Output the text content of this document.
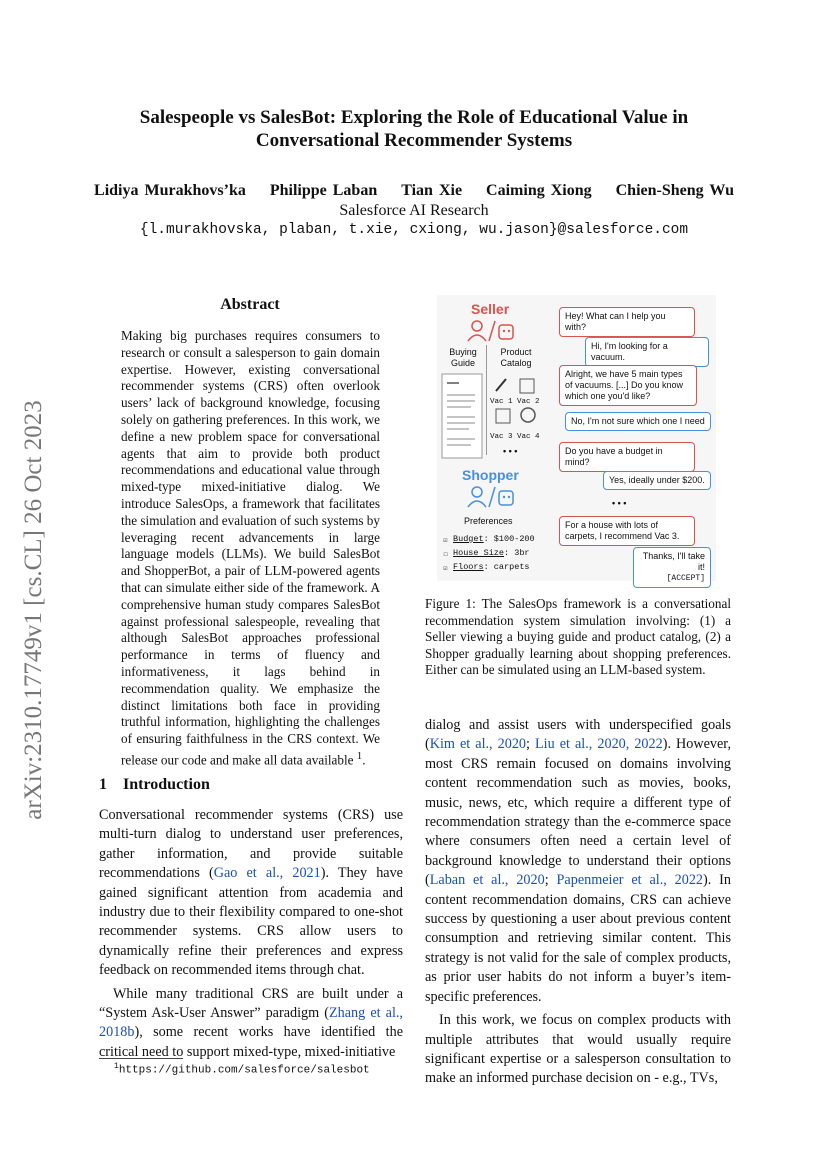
Salespeople vs SalesBot: Exploring the Role of Educational Value in
Conversational Recommender Systems
Lidiya Murakhovs’ka Philippe Laban Tian Xie Caiming Xiong Chien-Sheng Wu
Salesforce AI Research
{l.murakhovska, plaban, t.xie, cxiong, wu.jason}@salesforce.com
arXiv:2310.17749v1 [cs.CL] 26 Oct 2023
Abstract
Making big purchases requires consumers to research or consult a salesperson to gain domain expertise. However, existing conversational recommender systems (CRS) often overlook users’ lack of background knowledge, focusing solely on gathering preferences. In this work, we define a new problem space for conversational agents that aim to provide both product recommendations and educational value through mixed-type mixed-initiative dialog. We introduce SalesOps, a framework that facilitates the simulation and evaluation of such systems by leveraging recent advancements in large language models (LLMs). We build SalesBot and ShopperBot, a pair of LLM-powered agents that can simulate either side of the framework. A comprehensive human study compares SalesBot against professional salespeople, revealing that although SalesBot approaches professional performance in terms of fluency and informativeness, it lags behind in recommendation quality. We emphasize the distinct limitations both face in providing truthful information, highlighting the challenges of ensuring faithfulness in the CRS context. We release our code and make all data available $^1$.
1 Introduction

Conversational recommender systems (CRS) use multi-turn dialog to understand user preferences, gather information, and provide suitable recommendations (Gao et al., 2021). They have gained significant attention from academia and industry due to their flexibility compared to one-shot recommender systems. CRS allow users to dynamically refine their preferences and express feedback on recommended items through chat.

While many traditional CRS are built under a “System Ask-User Answer” paradigm (Zhang et al., 2018b), some recent works have identified the critical need to support mixed-type, mixed-initiative

$^1$https://github.com/salesforce/salesbot
Seller
Buying Guide
Product Catalog
Vac 1 Vac 2
Vac 3 Vac 4
• • •
Shopper
Preferences
☑ Budget: $100-200
☐ House Size: 3br
☑ Floors: carpets
Hey! What can I help you with?
Hi, I'm looking for a vacuum.
Alright, we have 5 main types of vacuums. [...] Do you know which one you'd like?
No, I'm not sure which one I need
Do you have a budget in mind?
Yes, ideally under $200.
• • •
For a house with lots of carpets, I recommend Vac 3.
Thanks, I'll take it!
[ACCEPT]
Figure 1: The SalesOps framework is a conversational recommendation system simulation involving: (1) a Seller viewing a buying guide and product catalog, (2) a Shopper gradually learning about shopping preferences. Either can be simulated using an LLM-based system.

dialog and assist users with underspecified goals (Kim et al., 2020; Liu et al., 2020, 2022). However, most CRS remain focused on domains involving content recommendation such as movies, books, music, news, etc, which require a different type of recommendation strategy than the e-commerce space where consumers often need a certain level of background knowledge to understand their options (Laban et al., 2020; Papenmeier et al., 2022). In content recommendation domains, CRS can achieve success by questioning a user about previous content consumption and retrieving similar content. This strategy is not valid for the sale of complex products, as prior user habits do not inform a buyer’s item-specific preferences.

In this work, we focus on complex products with multiple attributes that would usually require significant expertise or a salesperson consultation to make an informed purchase decision on - e.g., TVs,
